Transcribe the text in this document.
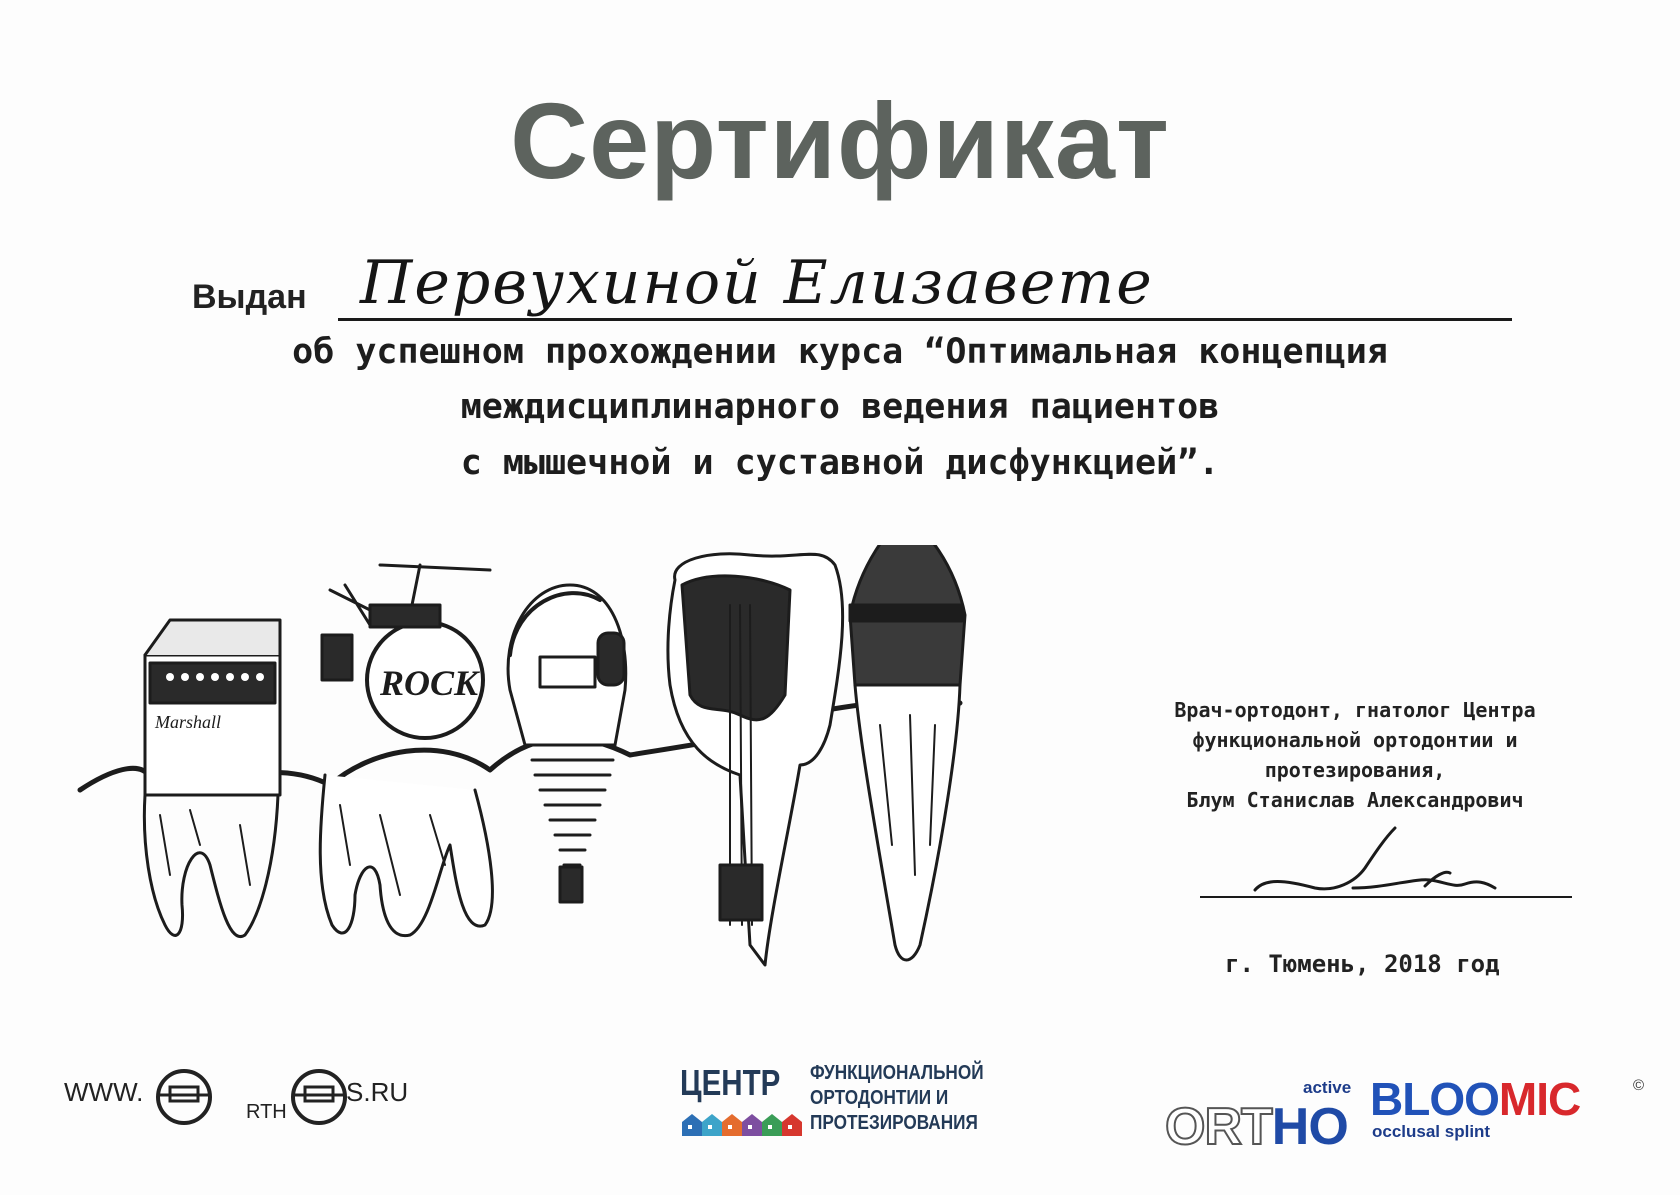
Сертификат
Выдан Первухиной Елизавете
об успешном прохождении курса “Оптимальная концепция
междисциплинарного ведения пациентов
с мышечной и суставной дисфункцией”.
Marshall
ROCK
Врач-ортодонт, гнатолог Центра
функциональной ортодонтии и
протезирования,
Блум Станислав Александрович
г. Тюмень, 2018 год
WWW.
RTH
S.RU	ЦЕНТР ФУНКЦИОНАЛЬНОЙ
ОРТОДОНТИИ И
ПРОТЕЗИРОВАНИЯ
active
ORTHO BLOOMIC
occlusal splint
©
